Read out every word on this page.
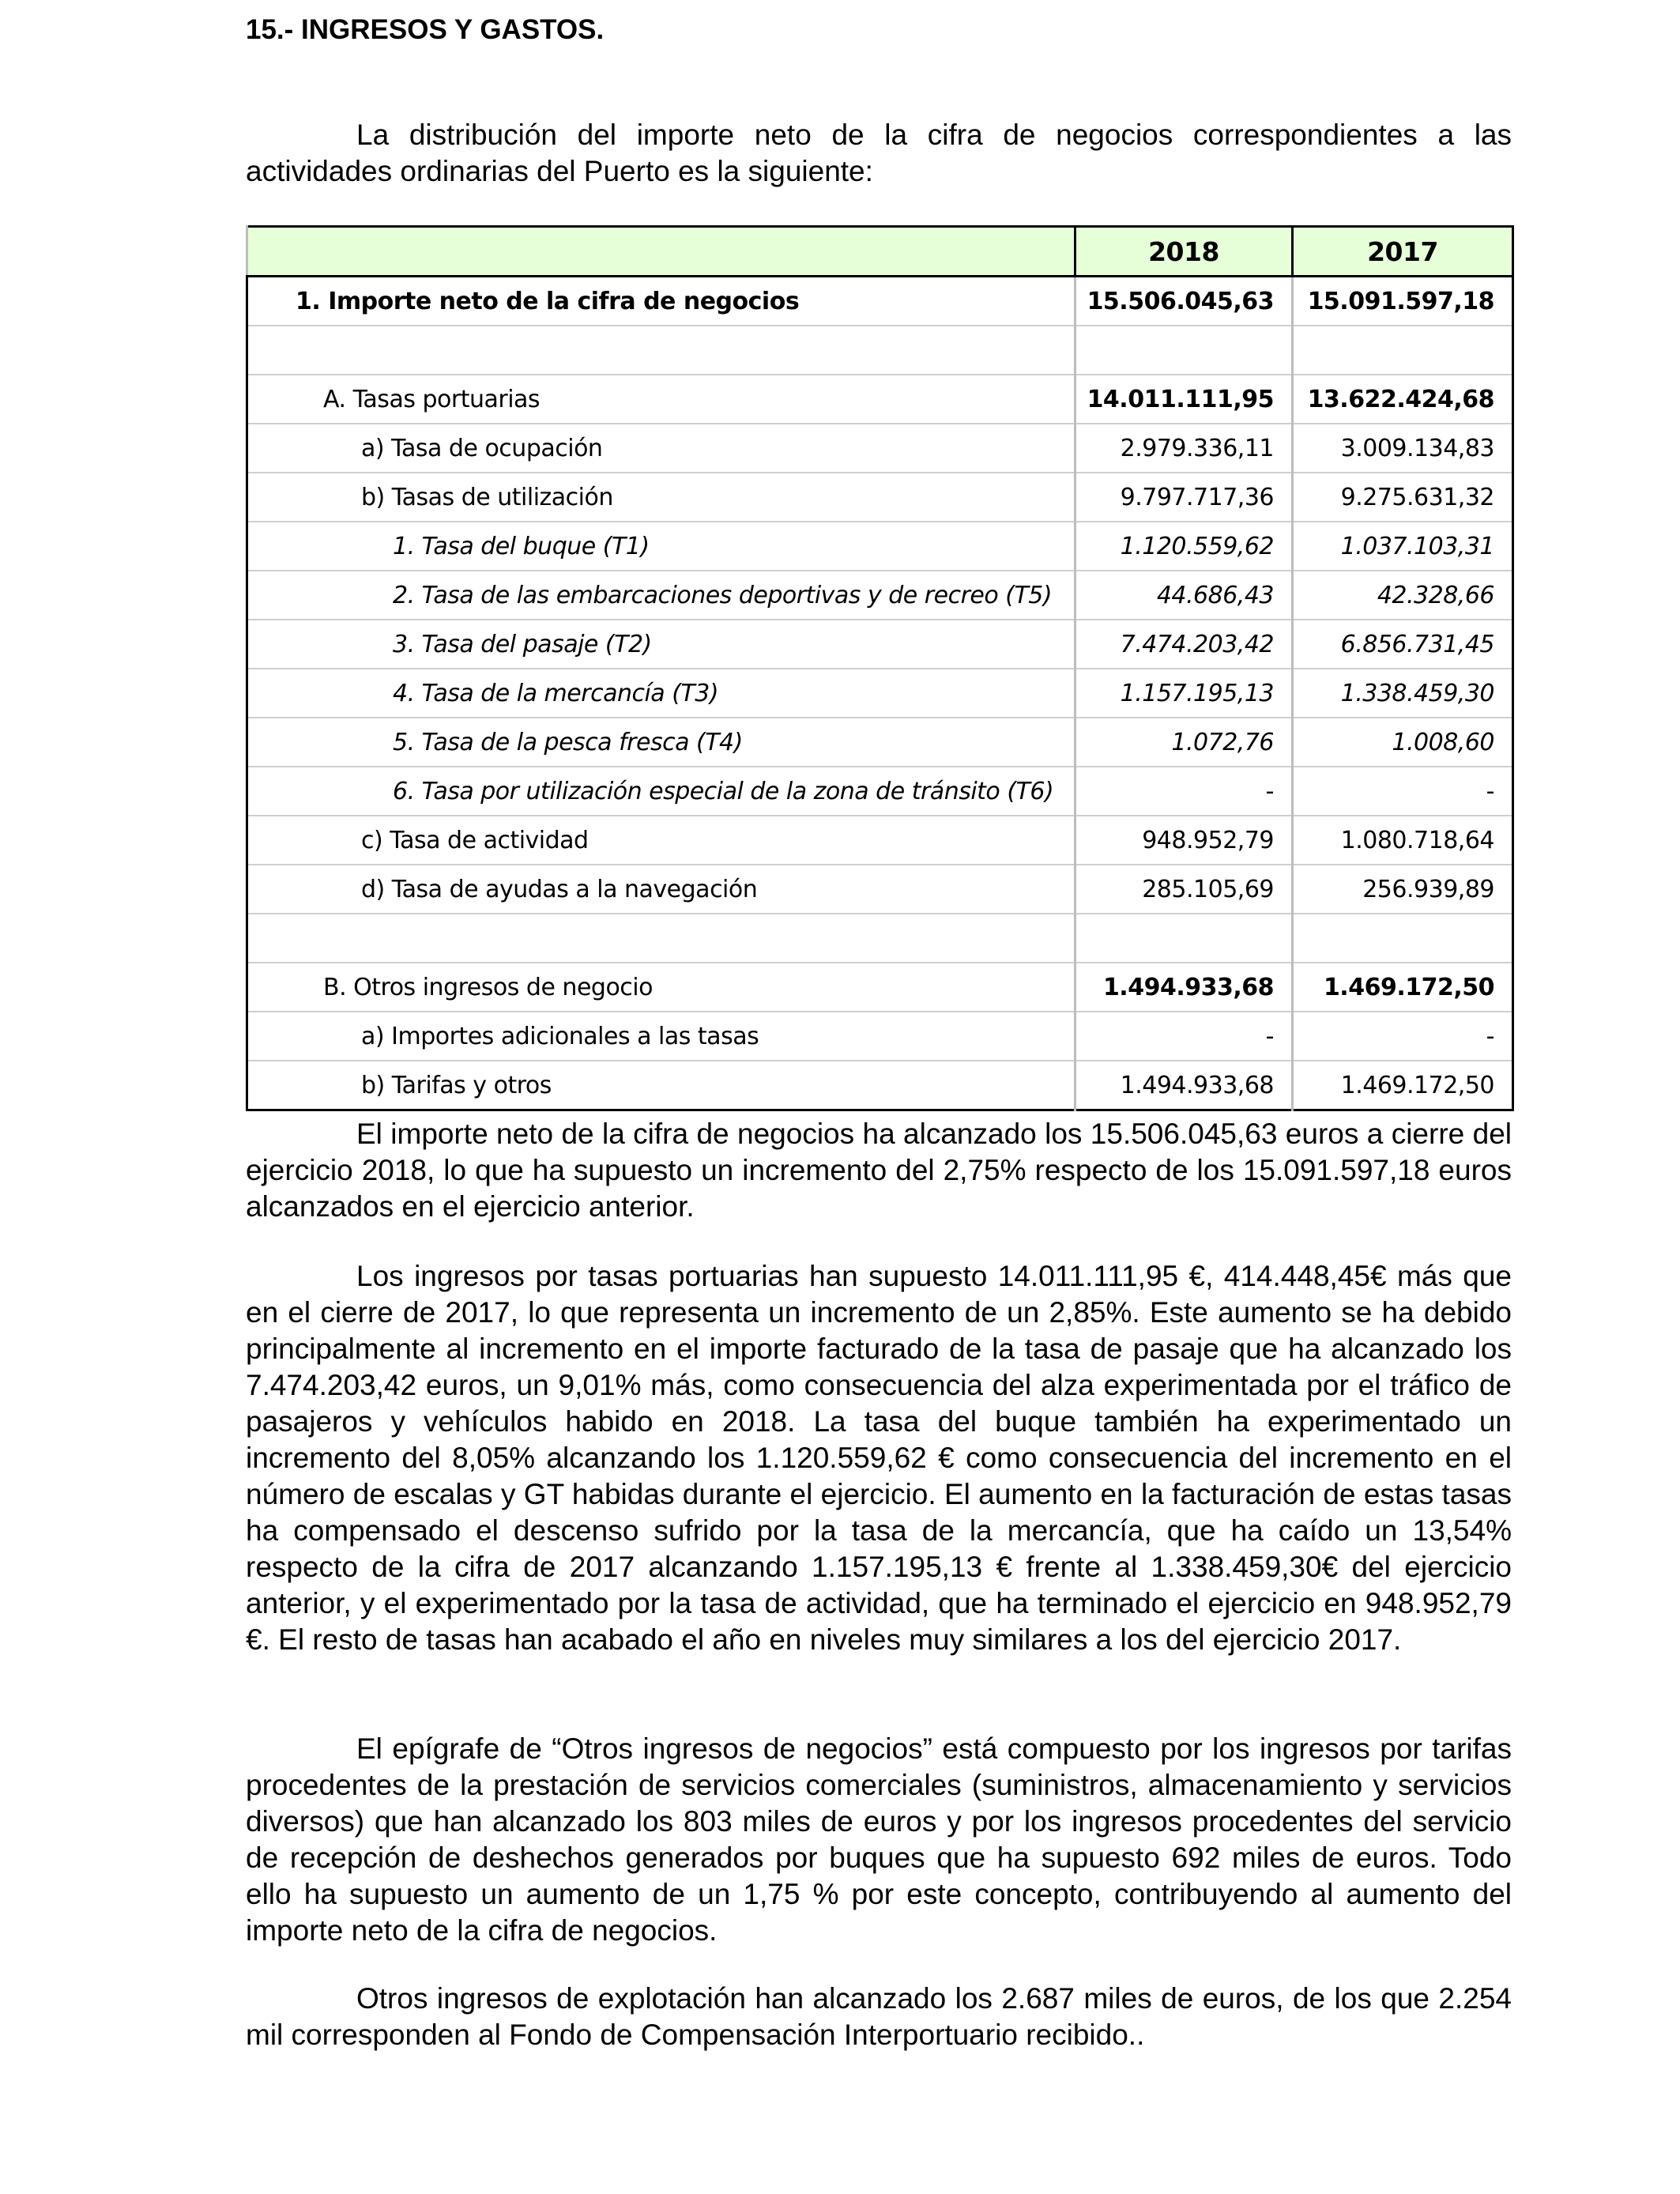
15.- INGRESOS Y GASTOS.

La distribución del importe neto de la cifra de negocios correspondientes a las actividades ordinarias del Puerto es la siguiente:

	2018	2017
1. Importe neto de la cifra de negocios	15.506.045,63	15.091.597,18

A. Tasas portuarias	14.011.111,95	13.622.424,68
a) Tasa de ocupación	2.979.336,11	3.009.134,83
b) Tasas de utilización	9.797.717,36	9.275.631,32
1. Tasa del buque (T1)	1.120.559,62	1.037.103,31
2. Tasa de las embarcaciones deportivas y de recreo (T5)	44.686,43	42.328,66
3. Tasa del pasaje (T2)	7.474.203,42	6.856.731,45
4. Tasa de la mercancía (T3)	1.157.195,13	1.338.459,30
5. Tasa de la pesca fresca (T4)	1.072,76	1.008,60
6. Tasa por utilización especial de la zona de tránsito (T6)	-	-
c) Tasa de actividad	948.952,79	1.080.718,64
d) Tasa de ayudas a la navegación	285.105,69	256.939,89

B. Otros ingresos de negocio	1.494.933,68	1.469.172,50
a) Importes adicionales a las tasas	-	-
b) Tarifas y otros	1.494.933,68	1.469.172,50

El importe neto de la cifra de negocios ha alcanzado los 15.506.045,63 euros a cierre del ejercicio 2018, lo que ha supuesto un incremento del 2,75% respecto de los 15.091.597,18 euros alcanzados en el ejercicio anterior.

Los ingresos por tasas portuarias han supuesto 14.011.111,95 €, 414.448,45€ más que en el cierre de 2017, lo que representa un incremento de un 2,85%. Este aumento se ha debido principalmente al incremento en el importe facturado de la tasa de pasaje que ha alcanzado los 7.474.203,42 euros, un 9,01% más, como consecuencia del alza experimentada por el tráfico de pasajeros y vehículos habido en 2018. La tasa del buque también ha experimentado un incremento del 8,05% alcanzando los 1.120.559,62 € como consecuencia del incremento en el número de escalas y GT habidas durante el ejercicio. El aumento en la facturación de estas tasas ha compensado el descenso sufrido por la tasa de la mercancía, que ha caído un 13,54% respecto de la cifra de 2017 alcanzando 1.157.195,13 € frente al 1.338.459,30€ del ejercicio anterior, y el experimentado por la tasa de actividad, que ha terminado el ejercicio en 948.952,79 €. El resto de tasas han acabado el año en niveles muy similares a los del ejercicio 2017.

El epígrafe de “Otros ingresos de negocios” está compuesto por los ingresos por tarifas procedentes de la prestación de servicios comerciales (suministros, almacenamiento y servicios diversos) que han alcanzado los 803 miles de euros y por los ingresos procedentes del servicio de recepción de deshechos generados por buques que ha supuesto 692 miles de euros. Todo ello ha supuesto un aumento de un 1,75 % por este concepto, contribuyendo al aumento del importe neto de la cifra de negocios.

Otros ingresos de explotación han alcanzado los 2.687 miles de euros, de los que 2.254 mil corresponden al Fondo de Compensación Interportuario recibido..
